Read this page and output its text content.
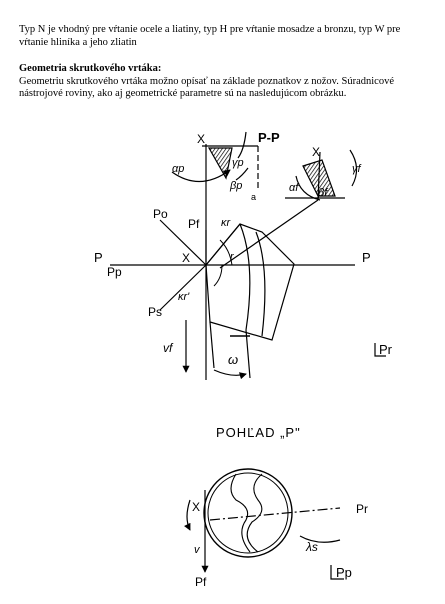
Typ N je vhodný pre vŕtanie ocele a liatiny, typ H pre vŕtanie mosadze a bronzu, typ W pre vŕtanie hliníka a jeho zliatin
Geometria skrutkového vrtáka:
Geometriu skrutkového vrtáka možno opísať na základe poznatkov z nožov. Súradnicové nástrojové roviny, ako aj geometrické parametre sú na nasledujúcom obrázku.
X	P-P
γp
αp
βp
a
X
γf
αf βf
Po
Pf κr
P
Pp
X	r	P
Ps
κr'
vf
ω
Pr
POHĽAD „P"
X
v
Pf
Pr
λs
Pp
